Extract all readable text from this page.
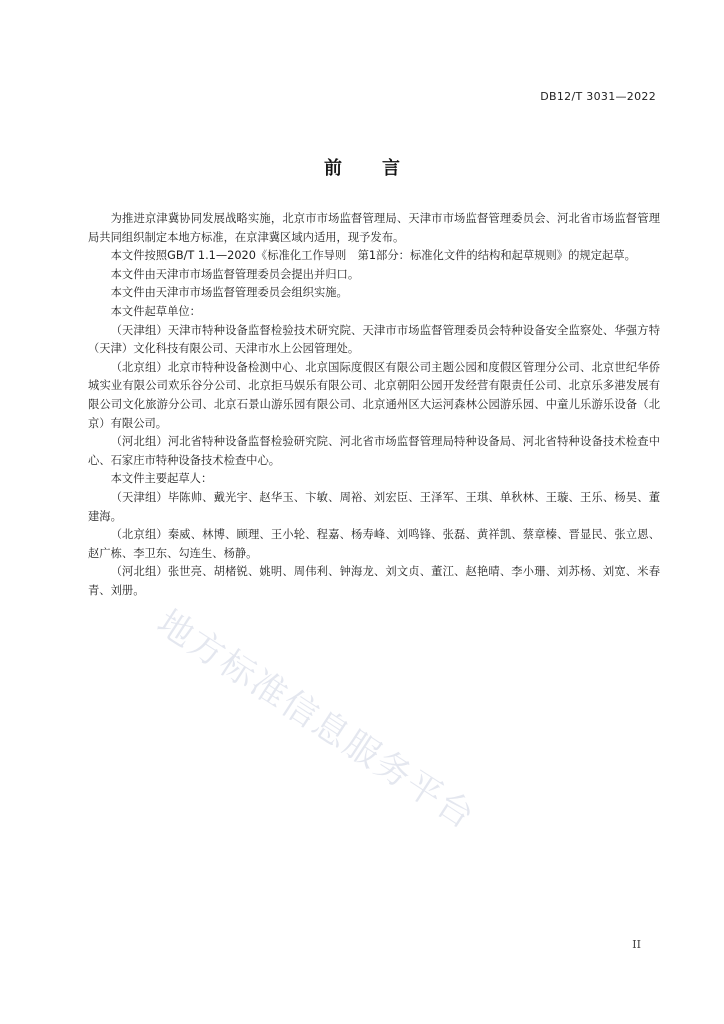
DB12/T 3031—2022
前言

为推进京津冀协同发展战略实施，北京市市场监督管理局、天津市市场监督管理委员会、河北省市场监督管理局共同组织制定本地方标准，在京津冀区域内适用，现予发布。

本文件按照GB/T 1.1—2020《标准化工作导则　第1部分：标准化文件的结构和起草规则》的规定起草。

本文件由天津市市场监督管理委员会提出并归口。

本文件由天津市市场监督管理委员会组织实施。

本文件起草单位：

（天津组）天津市特种设备监督检验技术研究院、天津市市场监督管理委员会特种设备安全监察处、华强方特（天津）文化科技有限公司、天津市水上公园管理处。

（北京组）北京市特种设备检测中心、北京国际度假区有限公司主题公园和度假区管理分公司、北京世纪华侨城实业有限公司欢乐谷分公司、北京拒马娱乐有限公司、北京朝阳公园开发经营有限责任公司、北京乐多港发展有限公司文化旅游分公司、北京石景山游乐园有限公司、北京通州区大运河森林公园游乐园、中童儿乐游乐设备（北京）有限公司。

（河北组）河北省特种设备监督检验研究院、河北省市场监督管理局特种设备局、河北省特种设备技术检查中心、石家庄市特种设备技术检查中心。

本文件主要起草人：

（天津组）毕陈帅、戴光宇、赵华玉、卞敏、周裕、刘宏臣、王泽军、王琪、单秋林、王璇、王乐、杨昊、董建海。

（北京组）秦威、林博、顾理、王小轮、程嘉、杨寿峰、刘鸣锋、张磊、黄祥凯、蔡章榛、晋显民、张立恩、赵广栋、李卫东、勾连生、杨静。

（河北组）张世亮、胡楮锐、姚明、周伟利、钟海龙、刘文贞、董江、赵艳晴、李小珊、刘苏杨、刘宽、米春青、刘册。

地方标准信息服务平台
II
